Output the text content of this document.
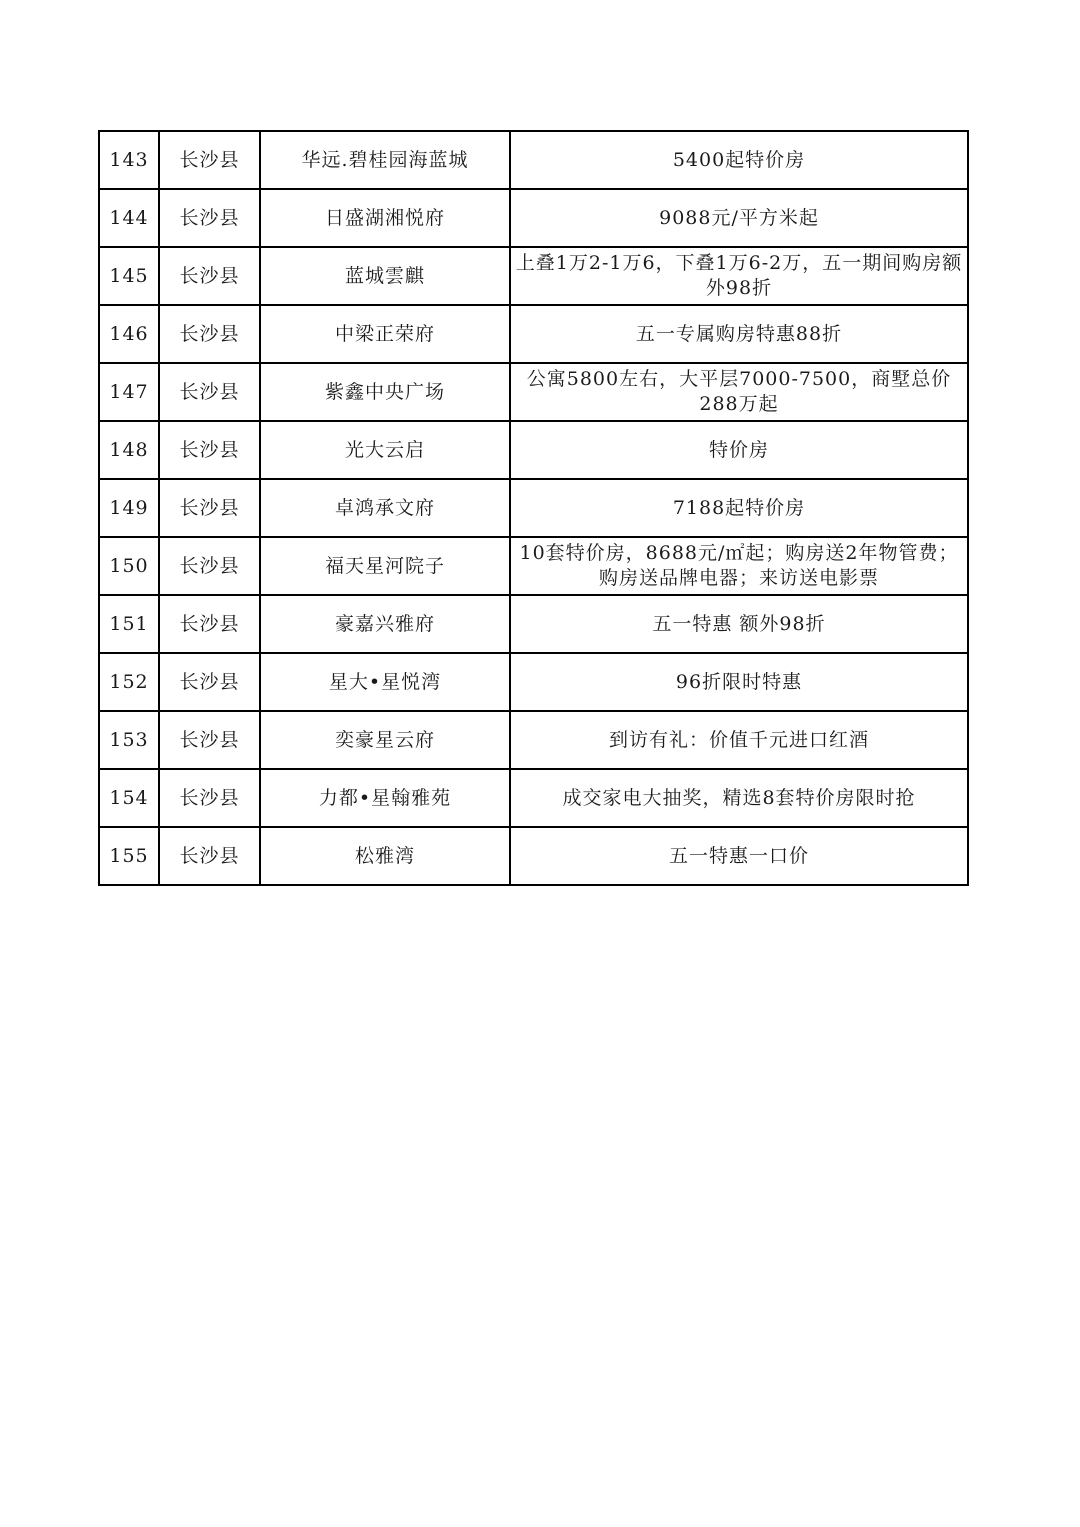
143	长沙县	华远.碧桂园海蓝城	5400起特价房
144	长沙县	日盛湖湘悦府	9088元/平方米起
145	长沙县	蓝城雲麒	上叠1万2-1万6，下叠1万6-2万，五一期间购房额外98折
146	长沙县	中梁正荣府	五一专属购房特惠88折
147	长沙县	紫鑫中央广场	公寓5800左右，大平层7000-7500，商墅总价288万起
148	长沙县	光大云启	特价房
149	长沙县	卓鸿承文府	7188起特价房
150	长沙县	福天星河院子	10套特价房，8688元/㎡起；购房送2年物管费；购房送品牌电器；来访送电影票
151	长沙县	豪嘉兴雅府	五一特惠 额外98折
152	长沙县	星大•星悦湾	96折限时特惠
153	长沙县	奕豪星云府	到访有礼：价值千元进口红酒
154	长沙县	力都•星翰雅苑	成交家电大抽奖，精选8套特价房限时抢
155	长沙县	松雅湾	五一特惠一口价
